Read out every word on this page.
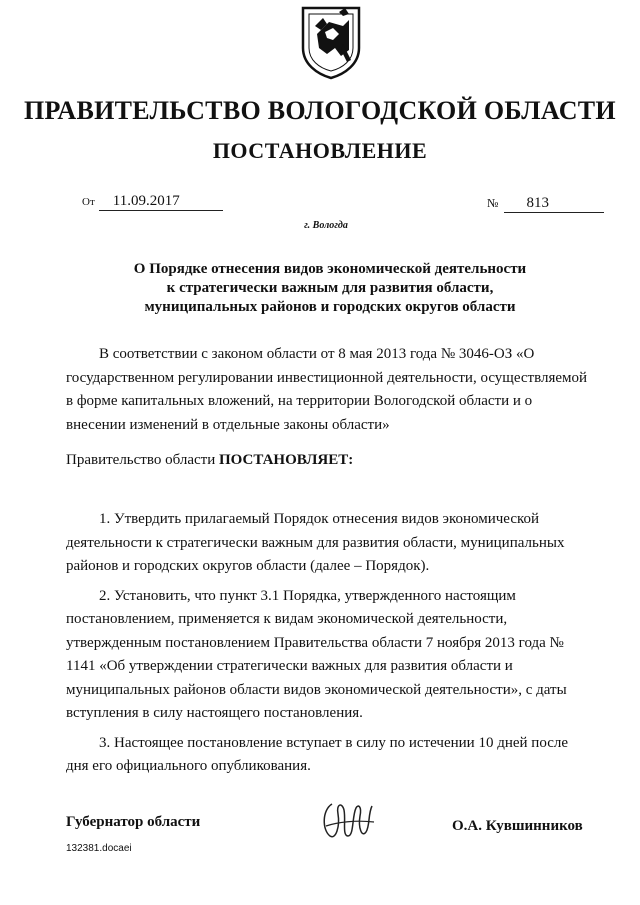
ПРАВИТЕЛЬСТВО ВОЛОГОДСКОЙ ОБЛАСТИ
ПОСТАНОВЛЕНИЕ
От 11.09.2017	№ 813
г. Вологда
О Порядке отнесения видов экономической деятельности
к стратегически важным для развития области,
муниципальных районов и городских округов области
В соответствии с законом области от 8 мая 2013 года № 3046-ОЗ «О государственном регулировании инвестиционной деятельности, осуществляемой в форме капитальных вложений, на территории Вологодской области и о внесении изменений в отдельные законы области»
Правительство области ПОСТАНОВЛЯЕТ:

1. Утвердить прилагаемый Порядок отнесения видов экономической деятельности к стратегически важным для развития области, муниципальных районов и городских округов области (далее – Порядок).

2. Установить, что пункт 3.1 Порядка, утвержденного настоящим постановлением, применяется к видам экономической деятельности, утвержденным постановлением Правительства области 7 ноября 2013 года № 1141 «Об утверждении стратегически важных для развития области и муниципальных районов области видов экономической деятельности», с даты вступления в силу настоящего постановления.

3. Настоящее постановление вступает в силу по истечении 10 дней после дня его официального опубликования.

Губернатор области	О.А. Кувшинников
132381.docaei
